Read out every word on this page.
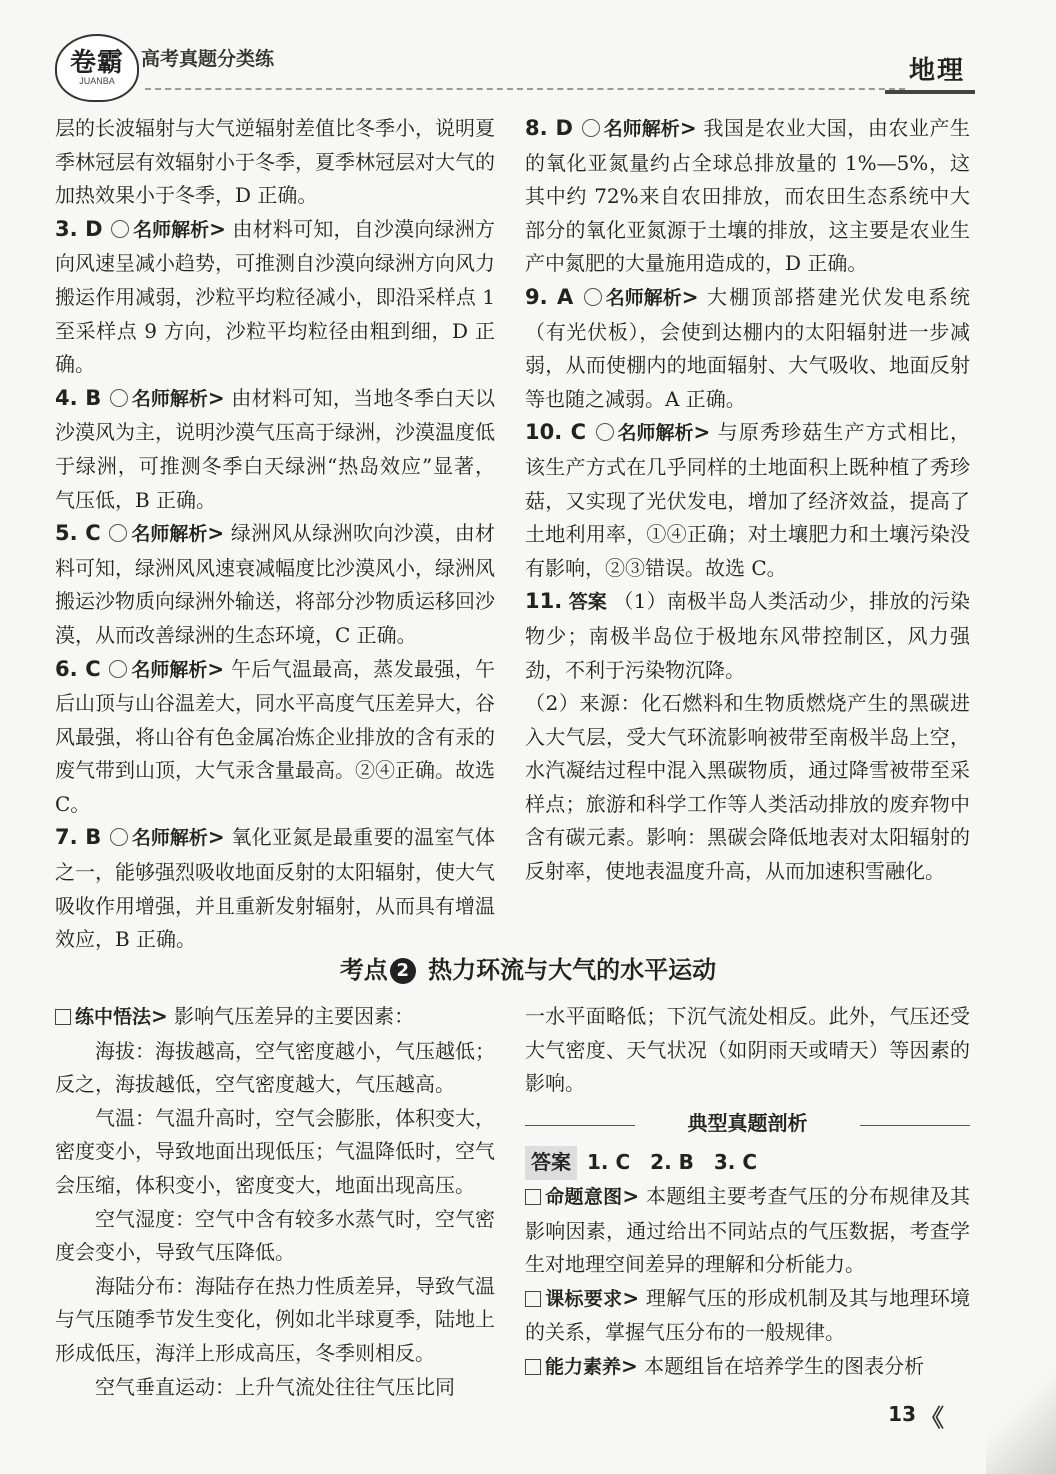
卷霸
JUANBA
高考真题分类练	地理

层的长波辐射与大气逆辐射差值比冬季小，说明夏季林冠层有效辐射小于冬季，夏季林冠层对大气的加热效果小于冬季，D 正确。

3. D 名师解析> 由材料可知，自沙漠向绿洲方向风速呈减小趋势，可推测自沙漠向绿洲方向风力搬运作用减弱，沙粒平均粒径减小，即沿采样点 1 至采样点 9 方向，沙粒平均粒径由粗到细，D 正确。

4. B 名师解析> 由材料可知，当地冬季白天以沙漠风为主，说明沙漠气压高于绿洲，沙漠温度低于绿洲，可推测冬季白天绿洲“热岛效应”显著，气压低，B 正确。

5. C 名师解析> 绿洲风从绿洲吹向沙漠，由材料可知，绿洲风风速衰减幅度比沙漠风小，绿洲风搬运沙物质向绿洲外输送，将部分沙物质运移回沙漠，从而改善绿洲的生态环境，C 正确。

6. C 名师解析> 午后气温最高，蒸发最强，午后山顶与山谷温差大，同水平高度气压差异大，谷风最强，将山谷有色金属冶炼企业排放的含有汞的废气带到山顶，大气汞含量最高。②④正确。故选 C。

7. B 名师解析> 氧化亚氮是最重要的温室气体之一，能够强烈吸收地面反射的太阳辐射，使大气吸收作用增强，并且重新发射辐射，从而具有增温效应，B 正确。

8. D 名师解析> 我国是农业大国，由农业产生的氧化亚氮量约占全球总排放量的 1%—5%，这其中约 72%来自农田排放，而农田生态系统中大部分的氧化亚氮源于土壤的排放，这主要是农业生产中氮肥的大量施用造成的，D 正确。

9. A 名师解析> 大棚顶部搭建光伏发电系统（有光伏板），会使到达棚内的太阳辐射进一步减弱，从而使棚内的地面辐射、大气吸收、地面反射等也随之减弱。A 正确。

10. C 名师解析> 与原秀珍菇生产方式相比，该生产方式在几乎同样的土地面积上既种植了秀珍菇，又实现了光伏发电，增加了经济效益，提高了土地利用率，①④正确；对土壤肥力和土壤污染没有影响，②③错误。故选 C。

11. 答案 （1）南极半岛人类活动少，排放的污染物少；南极半岛位于极地东风带控制区，风力强劲，不利于污染物沉降。

（2）来源：化石燃料和生物质燃烧产生的黑碳进入大气层，受大气环流影响被带至南极半岛上空，水汽凝结过程中混入黑碳物质，通过降雪被带至采样点；旅游和科学工作等人类活动排放的废弃物中含有碳元素。影响：黑碳会降低地表对太阳辐射的反射率，使地表温度升高，从而加速积雪融化。

考点 2 热力环流与大气的水平运动

练中悟法> 影响气压差异的主要因素：

海拔：海拔越高，空气密度越小，气压越低；反之，海拔越低，空气密度越大，气压越高。

气温：气温升高时，空气会膨胀，体积变大，密度变小，导致地面出现低压；气温降低时，空气会压缩，体积变小，密度变大，地面出现高压。

空气湿度：空气中含有较多水蒸气时，空气密度会变小，导致气压降低。

海陆分布：海陆存在热力性质差异，导致气温与气压随季节发生变化，例如北半球夏季，陆地上形成低压，海洋上形成高压，冬季则相反。

空气垂直运动：上升气流处往往气压比同

一水平面略低；下沉气流处相反。此外，气压还受大气密度、天气状况（如阴雨天或晴天）等因素的影响。

典型真题剖析
答案 1. C　2. B　3. C

命题意图> 本题组主要考查气压的分布规律及其影响因素，通过给出不同站点的气压数据，考查学生对地理空间差异的理解和分析能力。

课标要求> 理解气压的形成机制及其与地理环境的关系，掌握气压分布的一般规律。

能力素养> 本题组旨在培养学生的图表分析

13 《
